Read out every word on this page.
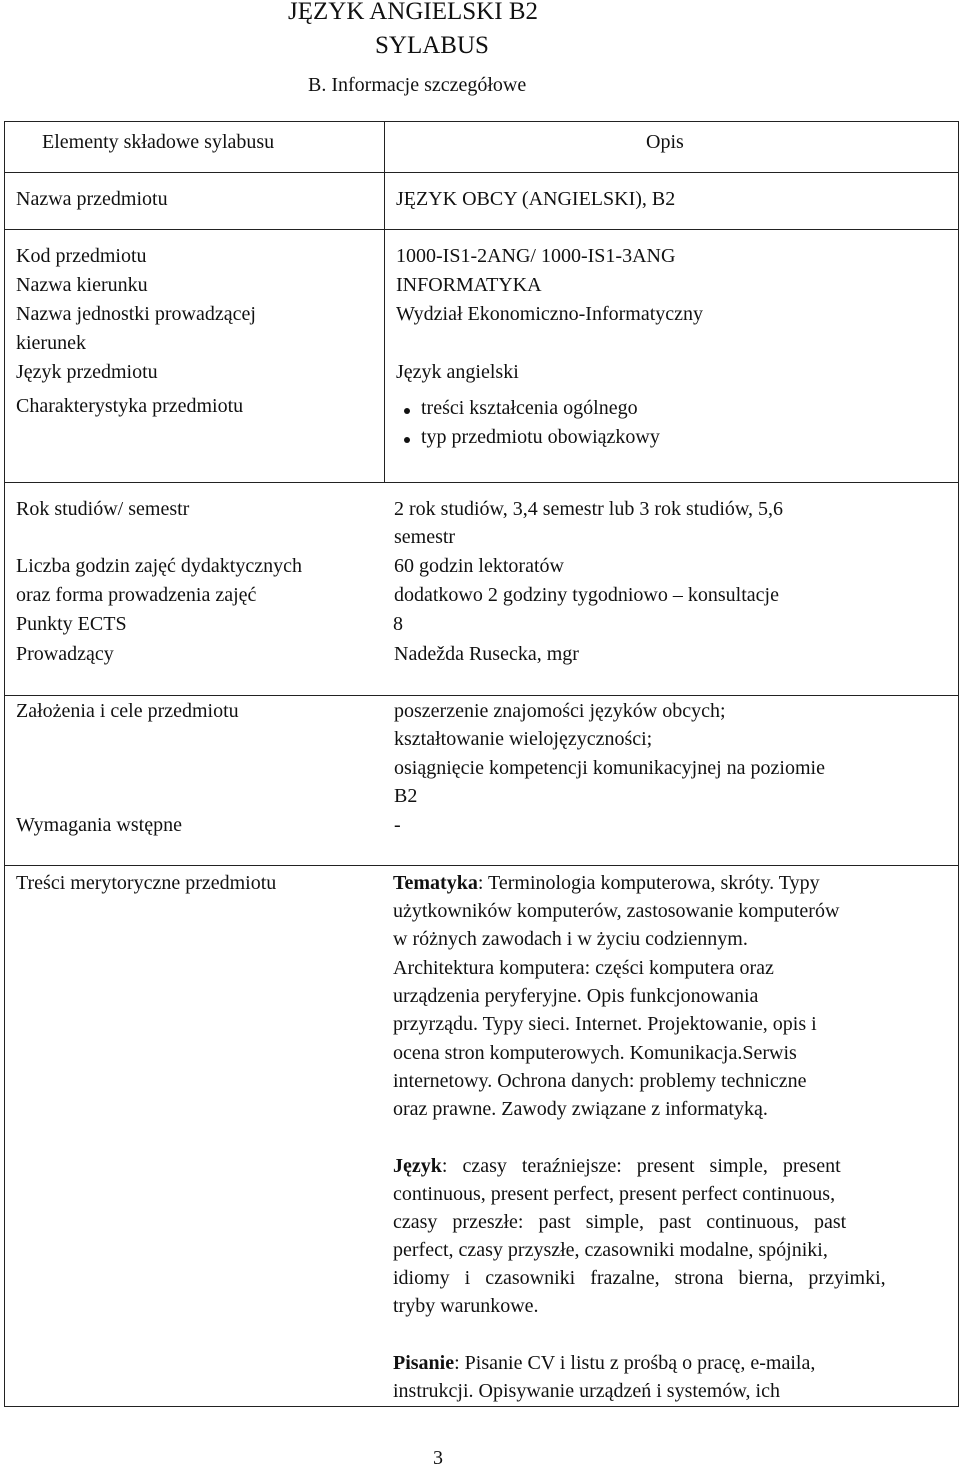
JĘZYK ANGIELSKI B2
SYLABUS
B. Informacje szczegółowe
Elementy składowe sylabusu	Opis
Nazwa przedmiotu	JĘZYK OBCY (ANGIELSKI), B2
Kod przedmiotu	1000-IS1-2ANG/ 1000-IS1-3ANG
Nazwa kierunku	INFORMATYKA
Nazwa jednostki prowadzącej	Wydział Ekonomiczno-Informatyczny
kierunek
Język przedmiotu	Język angielski
Charakterystyka przedmiotu	treści kształcenia ogólnego
typ przedmiotu obowiązkowy
Rok studiów/ semestr	2 rok studiów, 3,4 semestr lub 3 rok studiów, 5,6
semestr
Liczba godzin zajęć dydaktycznych	60 godzin lektoratów
oraz forma prowadzenia zajęć	dodatkowo 2 godziny tygodniowo – konsultacje
Punkty ECTS	8
Prowadzący	Nadežda Rusecka, mgr
Założenia i cele przedmiotu	poszerzenie znajomości języków obcych;
kształtowanie wielojęzyczności;
osiągnięcie kompetencji komunikacyjnej na poziomie
B2
Wymagania wstępne	-
Treści merytoryczne przedmiotu	Tematyka: Terminologia komputerowa, skróty. Typy
użytkowników komputerów, zastosowanie komputerów
w różnych zawodach i w życiu codziennym.
Architektura komputera: części komputera oraz
urządzenia peryferyjne. Opis funkcjonowania
przyrządu. Typy sieci. Internet. Projektowanie, opis i
ocena stron komputerowych. Komunikacja.Serwis
internetowy. Ochrona danych: problemy techniczne
oraz prawne. Zawody związane z informatyką.
Język:   czasy   teraźniejsze:   present   simple,   present
continuous, present perfect, present perfect continuous,
czasy   przeszłe:   past   simple,   past   continuous,   past
perfect, czasy przyszłe, czasowniki modalne, spójniki,
idiomy   i   czasowniki   frazalne,   strona   bierna,   przyimki,
tryby warunkowe.
Pisanie: Pisanie CV i listu z prośbą o pracę, e-maila,
instrukcji. Opisywanie urządzeń i systemów, ich
3
